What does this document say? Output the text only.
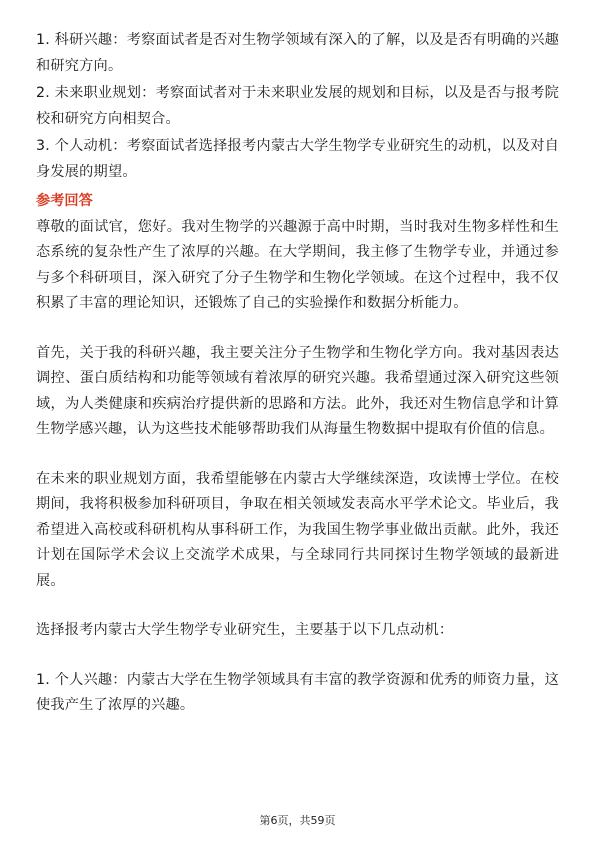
1. 科研兴趣：考察面试者是否对生物学领域有深入的了解，以及是否有明确的兴趣和研究方向。

2. 未来职业规划：考察面试者对于未来职业发展的规划和目标，以及是否与报考院校和研究方向相契合。

3. 个人动机：考察面试者选择报考内蒙古大学生物学专业研究生的动机，以及对自身发展的期望。

参考回答

尊敬的面试官，您好。我对生物学的兴趣源于高中时期，当时我对生物多样性和生态系统的复杂性产生了浓厚的兴趣。在大学期间，我主修了生物学专业，并通过参与多个科研项目，深入研究了分子生物学和生物化学领域。在这个过程中，我不仅积累了丰富的理论知识，还锻炼了自己的实验操作和数据分析能力。

首先，关于我的科研兴趣，我主要关注分子生物学和生物化学方向。我对基因表达调控、蛋白质结构和功能等领域有着浓厚的研究兴趣。我希望通过深入研究这些领域，为人类健康和疾病治疗提供新的思路和方法。此外，我还对生物信息学和计算生物学感兴趣，认为这些技术能够帮助我们从海量生物数据中提取有价值的信息。

在未来的职业规划方面，我希望能够在内蒙古大学继续深造，攻读博士学位。在校期间，我将积极参加科研项目，争取在相关领域发表高水平学术论文。毕业后，我希望进入高校或科研机构从事科研工作，为我国生物学事业做出贡献。此外，我还计划在国际学术会议上交流学术成果，与全球同行共同探讨生物学领域的最新进展。

选择报考内蒙古大学生物学专业研究生，主要基于以下几点动机：

1. 个人兴趣：内蒙古大学在生物学领域具有丰富的教学资源和优秀的师资力量，这使我产生了浓厚的兴趣。

第6页，共59页
